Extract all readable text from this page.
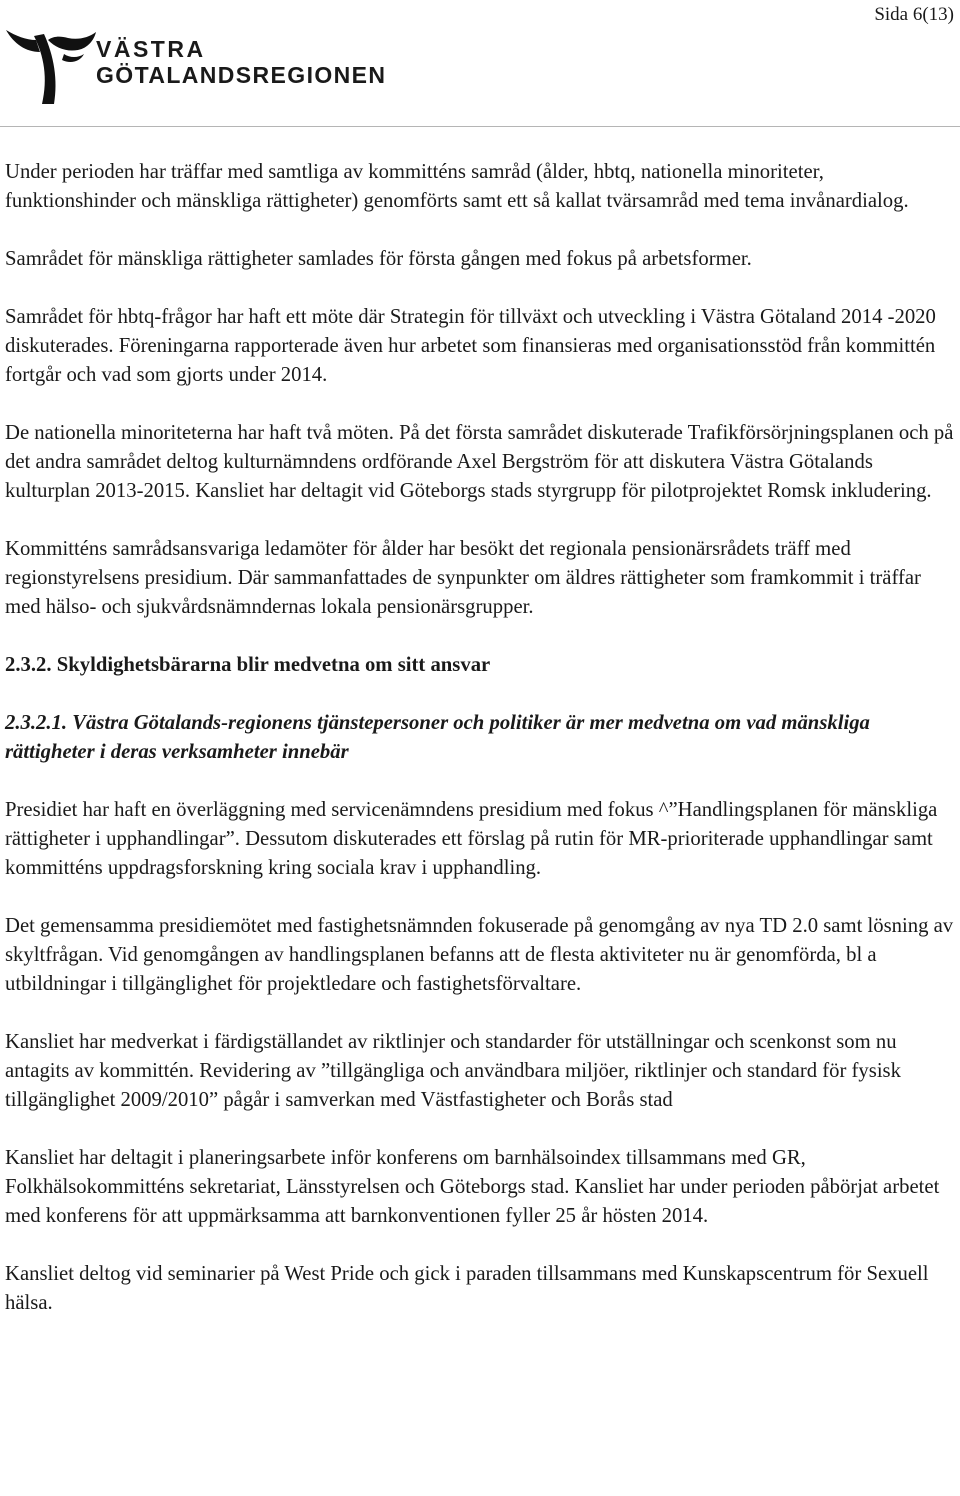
Sida 6(13)
VÄSTRA
GÖTALANDSREGIONEN

Under perioden har träffar med samtliga av kommitténs samråd (ålder, hbtq, nationella minoriteter, funktionshinder och mänskliga rättigheter) genomförts samt ett så kallat tvärsamråd med tema invånardialog.

Samrådet för mänskliga rättigheter samlades för första gången med fokus på arbetsformer.

Samrådet för hbtq-frågor har haft ett möte där Strategin för tillväxt och utveckling i Västra Götaland 2014 -2020 diskuterades. Föreningarna rapporterade även hur arbetet som finansieras med organisationsstöd från kommittén fortgår och vad som gjorts under 2014.

De nationella minoriteterna har haft två möten. På det första samrådet diskuterade Trafikförsörjningsplanen och på det andra samrådet deltog kulturnämndens ordförande Axel Bergström för att diskutera Västra Götalands kulturplan 2013-2015. Kansliet har deltagit vid Göteborgs stads styrgrupp för pilotprojektet Romsk inkludering.

Kommitténs samrådsansvariga ledamöter för ålder har besökt det regionala pensionärsrådets träff med regionstyrelsens presidium. Där sammanfattades de synpunkter om äldres rättigheter som framkommit i träffar med hälso- och sjukvårdsnämndernas lokala pensionärsgrupper.

2.3.2. Skyldighetsbärarna blir medvetna om sitt ansvar
2.3.2.1. Västra Götalands-regionens tjänstepersoner och politiker är mer medvetna om vad mänskliga rättigheter i deras verksamheter innebär

Presidiet har haft en överläggning med servicenämndens presidium med fokus ^”Handlingsplanen för mänskliga rättigheter i upphandlingar”. Dessutom diskuterades ett förslag på rutin för MR-prioriterade upphandlingar samt kommitténs uppdragsforskning kring sociala krav i upphandling.

Det gemensamma presidiemötet med fastighetsnämnden fokuserade på genomgång av nya TD 2.0 samt lösning av skyltfrågan. Vid genomgången av handlingsplanen befanns att de flesta aktiviteter nu är genomförda, bl a utbildningar i tillgänglighet för projektledare och fastighetsförvaltare.

Kansliet har medverkat i färdigställandet av riktlinjer och standarder för utställningar och scenkonst som nu antagits av kommittén. Revidering av ”tillgängliga och användbara miljöer, riktlinjer och standard för fysisk tillgänglighet 2009/2010” pågår i samverkan med Västfastigheter och Borås stad

Kansliet har deltagit i planeringsarbete inför konferens om barnhälsoindex tillsammans med GR, Folkhälsokommitténs sekretariat, Länsstyrelsen och Göteborgs stad. Kansliet har under perioden påbörjat arbetet med konferens för att uppmärksamma att barnkonventionen fyller 25 år hösten 2014.

Kansliet deltog vid seminarier på West Pride och gick i paraden tillsammans med Kunskapscentrum för Sexuell hälsa.
